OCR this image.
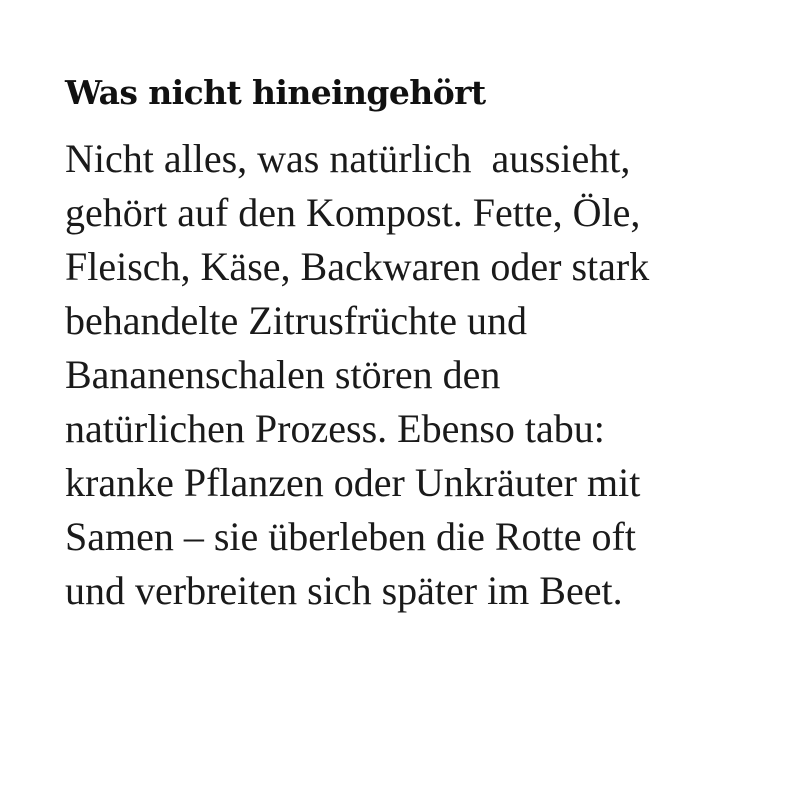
Was nicht hineingehört

Nicht alles, was natürlich  aussieht,
gehört auf den Kompost. Fette, Öle,
Fleisch, Käse, Backwaren oder stark
behandelte Zitrusfrüchte und
Bananenschalen stören den
natürlichen Prozess. Ebenso tabu:
kranke Pflanzen oder Unkräuter mit
Samen – sie überleben die Rotte oft
und verbreiten sich später im Beet.
